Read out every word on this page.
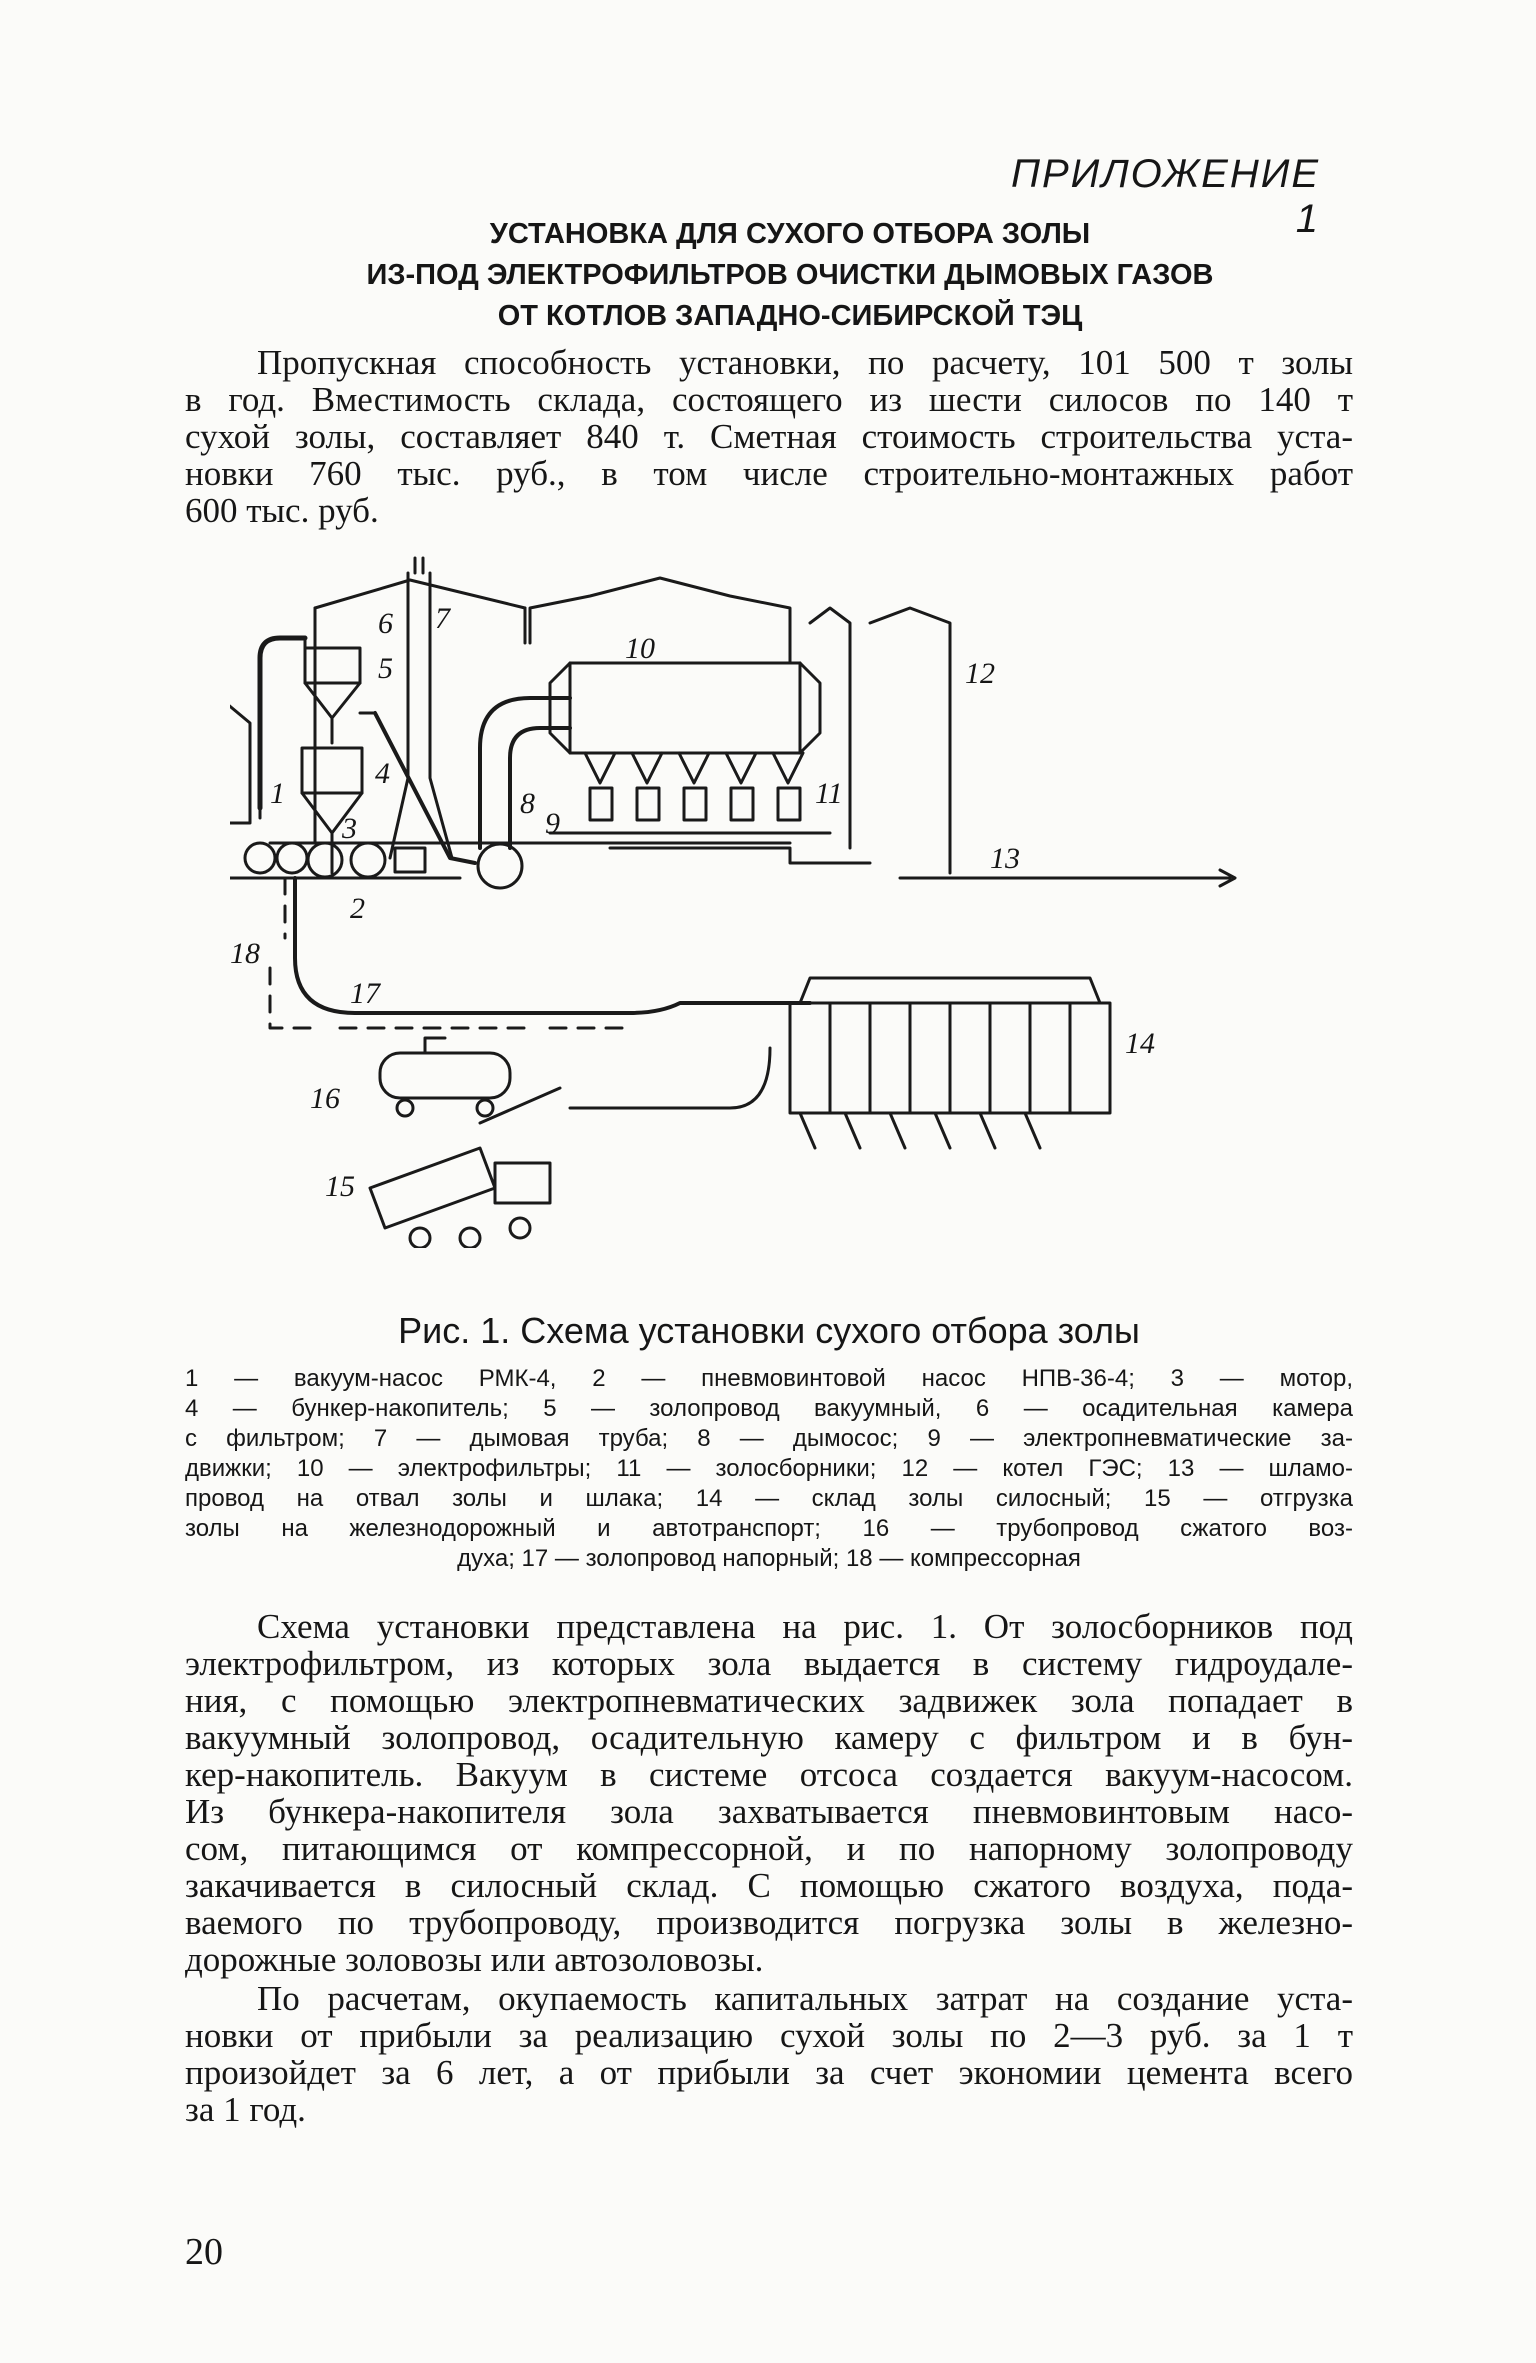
ПРИЛОЖЕНИЕ 1
УСТАНОВКА ДЛЯ СУХОГО ОТБОРА ЗОЛЫ
ИЗ-ПОД ЭЛЕКТРОФИЛЬТРОВ ОЧИСТКИ ДЫМОВЫХ ГАЗОВ
ОТ КОТЛОВ ЗАПАДНО-СИБИРСКОЙ ТЭЦ
Пропускная способность установки, по расчету, 101 500 т золы
в год. Вместимость склада, состоящего из шести силосов по 140 т
сухой золы, составляет 840 т. Сметная стоимость строительства уста-
новки 760 тыс. руб., в том числе строительно-монтажных работ
600 тыс. руб.
1
2
3
4
5
6 7
8
9
10
11
12
13
14
15
16
17
18
Рис. 1. Схема установки сухого отбора золы
1 — вакуум-насос РМК-4, 2 — пневмовинтовой насос НПВ-36-4; 3 — мотор,
4 — бункер-накопитель; 5 — золопровод вакуумный, 6 — осадительная камера
с фильтром; 7 — дымовая труба; 8 — дымосос; 9 — электропневматические за-
движки; 10 — электрофильтры; 11 — золосборники; 12 — котел ГЭС; 13 — шламо-
провод на отвал золы и шлака; 14 — склад золы силосный; 15 — отгрузка
золы на железнодорожный и автотранспорт; 16 — трубопровод сжатого воз-
духа; 17 — золопровод напорный; 18 — компрессорная
Схема установки представлена на рис. 1. От золосборников под
электрофильтром, из которых зола выдается в систему гидроудале-
ния, с помощью электропневматических задвижек зола попадает в
вакуумный золопровод, осадительную камеру с фильтром и в бун-
кер-накопитель. Вакуум в системе отсоса создается вакуум-насосом.
Из бункера-накопителя зола захватывается пневмовинтовым насо-
сом, питающимся от компрессорной, и по напорному золопроводу
закачивается в силосный склад. С помощью сжатого воздуха, пода-
ваемого по трубопроводу, производится погрузка золы в железно-
дорожные золовозы или автозоловозы.
По расчетам, окупаемость капитальных затрат на создание уста-
новки от прибыли за реализацию сухой золы по 2—3 руб. за 1 т
произойдет за 6 лет, а от прибыли за счет экономии цемента всего
за 1 год.
20
